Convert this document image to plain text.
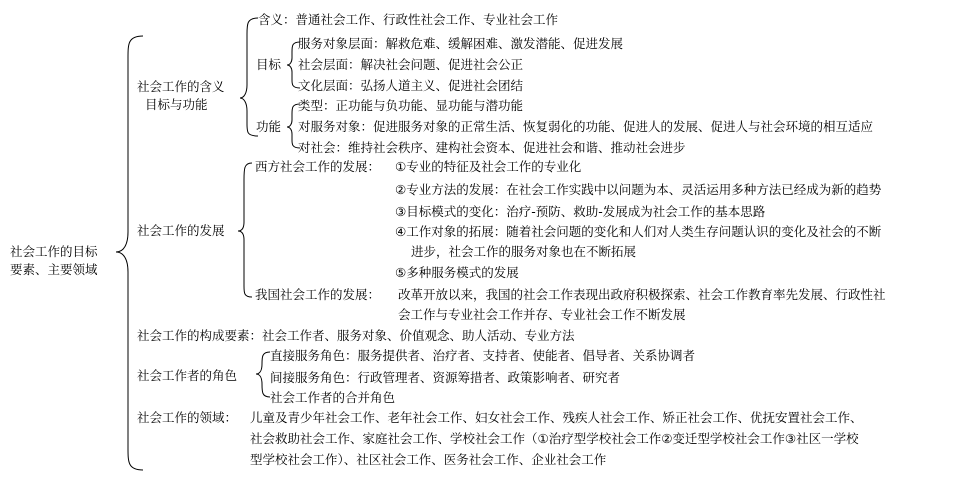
社会工作的目标
要素、主要领域
社会工作的含义
目标与功能
含义：普通社会工作、行政性社会工作、专业社会工作
目标
服务对象层面：解救危难、缓解困难、激发潜能、促进发展
社会层面：解决社会问题、促进社会公正
文化层面：弘扬人道主义、促进社会团结
功能
类型：正功能与负功能、显功能与潜功能
对服务对象：促进服务对象的正常生活、恢复弱化的功能、促进人的发展、促进人与社会环境的相互适应
对社会：维持社会秩序、建构社会资本、促进社会和谐、推动社会进步
社会工作的发展
西方社会工作的发展： ①专业的特征及社会工作的专业化
②专业方法的发展：在社会工作实践中以问题为本、灵活运用多种方法已经成为新的趋势
③目标模式的变化：治疗-预防、救助-发展成为社会工作的基本思路
④工作对象的拓展：随着社会问题的变化和人们对人类生存问题认识的变化及社会的不断
进步，社会工作的服务对象也在不断拓展
⑤多种服务模式的发展
我国社会工作的发展： 改革开放以来，我国的社会工作表现出政府积极探索、社会工作教育率先发展、行政性社
会工作与专业社会工作并存、专业社会工作不断发展
社会工作的构成要素：社会工作者、服务对象、价值观念、助人活动、专业方法
社会工作者的角色
直接服务角色：服务提供者、治疗者、支持者、使能者、倡导者、关系协调者
间接服务角色：行政管理者、资源筹措者、政策影响者、研究者
社会工作者的合并角色
社会工作的领域： 儿童及青少年社会工作、老年社会工作、妇女社会工作、残疾人社会工作、矫正社会工作、优抚安置社会工作、
社会救助社会工作、家庭社会工作、学校社会工作（①治疗型学校社会工作②变迁型学校社会工作③社区一学校
型学校社会工作）、社区社会工作、医务社会工作、企业社会工作
